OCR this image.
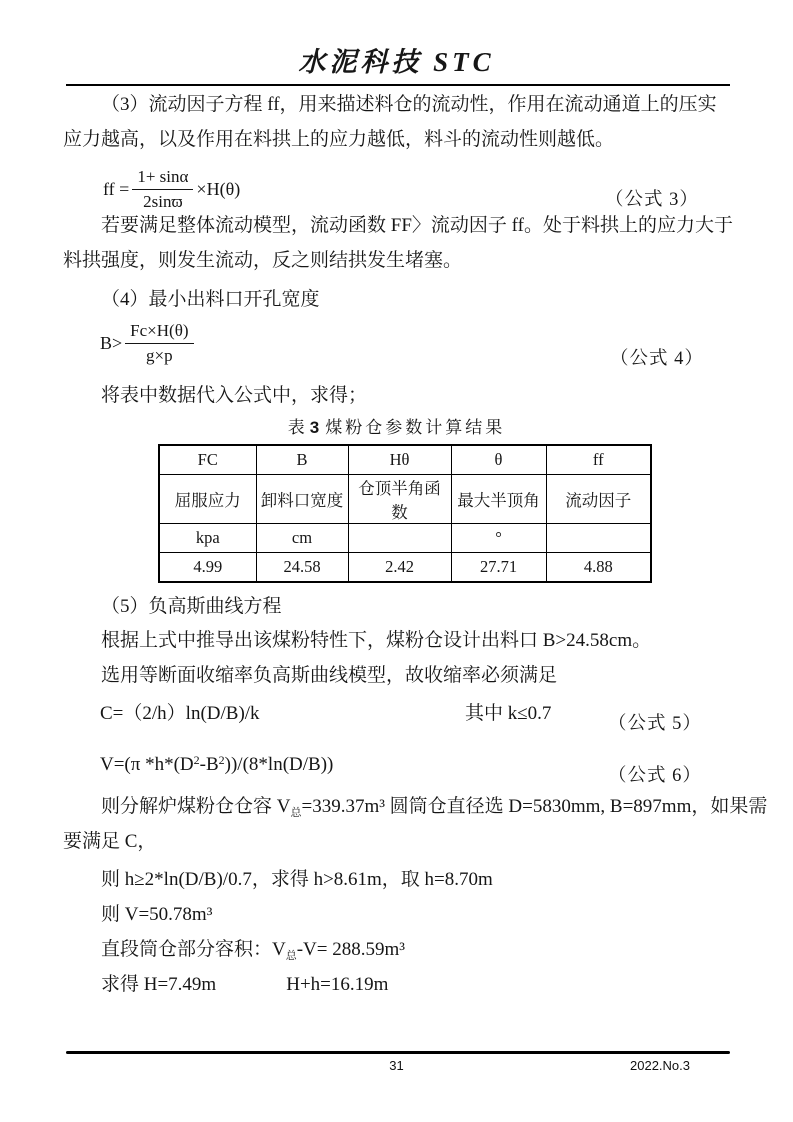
水泥科技 STC
（3）流动因子方程 ff，用来描述料仓的流动性，作用在流动通道上的压实
应力越高，以及作用在料拱上的应力越低，料斗的流动性则越低。
ff = $\frac{1+ \sin\alpha}{2\sin ϖ} \times H(\theta)$
（公式 3）
若要满足整体流动模型，流动函数 FF〉流动因子 ff。处于料拱上的应力大于
料拱强度，则发生流动，反之则结拱发生堵塞。
（4）最小出料口开孔宽度
$B> \frac{Fc\times H(\theta)}{g\times p}$	（公式 4）
将表中数据代入公式中，求得；
表 3 煤粉仓参数计算结果
FC	B	Hθ	θ	ff
屈服应力	卸料口宽度	仓顶半角函数	最大半顶角	流动因子
kpa	cm		°	
4.99	24.58	2.42	27.71	4.88
（5）负高斯曲线方程
根据上式中推导出该煤粉特性下，煤粉仓设计出料口 B>24.58cm。
选用等断面收缩率负高斯曲线模型，故收缩率必须满足
C=（2/h）ln(D/B)/k	其中 k≤0.7	（公式 5）
V=(π $*h*(D^2-B^2))/(8*\ln(D/B))$
（公式 6）
则分解炉煤粉仓仓容 $V_总=339.37m^3$ 圆筒仓直径选 D=5830mm, B=897mm，如果需
要满足 C，
则 h≥2*ln(D/B)/0.7，求得 h>8.61m，取 h=8.70m
则 V=50.78m³
直段筒仓部分容积：$V_总-V= 288.59m^3$
求得 H=7.49m	H+h=16.19m
31	2022.No.3
